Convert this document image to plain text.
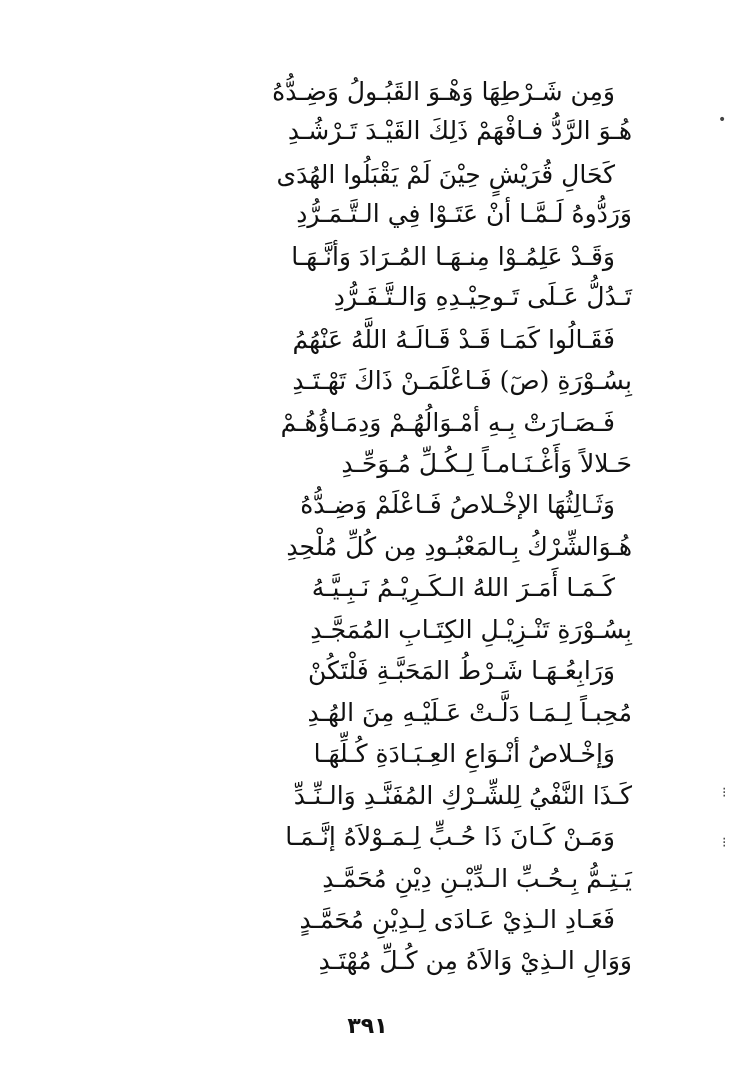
وَمِن شَـرْطِهَا وَهْـوَ القَبُـولُ وَضِـدُّهُ
هُـوَ الرَّدُّ فـافْهَمْ ذَلِكَ القَيْـدَ تَـرْشُـدِ
كَحَالِ قُرَيْشٍ حِيْنَ لَمْ يَقْبَلُوا الهُدَى
وَرَدُّوهُ لَـمَّـا أنْ عَتَـوْا فِي الـتَّـمَـرُّدِ
وَقَـدْ عَلِمُـوْا مِنـهَـا المُـرَادَ وَأنَّـهَـا
تَـدُلُّ عَـلَى تَـوحِيْـدِهِ وَالـتَّـفَـرُّدِ
فَقَـالُوا كَمَـا قَـدْ قَـالَـهُ اللَّهُ عَنْهُمُ
بِسُـوْرَةِ (صٓ) فَـاعْلَمَـنْ ذَاكَ تَهْـتَـدِ
فَـصَـارَتْ بِـهِ أمْـوَالُهُـمْ وَدِمَـاؤُهُـمْ
حَـلالاً وَأَغْـنَـامـاً لِـكُـلِّ مُـوَحِّـدِ
وَثَـالِثُهَا الإخْـلاصُ فَـاعْلَمْ وَضِـدُّهُ
هُـوَالشِّرْكُ بِـالمَعْبُـودِ مِن كُلِّ مُلْحِدِ
كَـمَـا أَمَـرَ اللهُ الـكَـرِيْـمُ نَـبِـيَّـهُ
بِسُـوْرَةِ تَنْـزِيْـلِ الكِتَـابِ المُمَجَّـدِ
وَرَابِعُـهَـا شَـرْطُ المَحَبَّـةِ فَلْتَكُنْ
مُحِبـاً لِـمَـا دَلَّـتْ عَـلَيْـهِ مِنَ الهُـدِ
وَإخْـلاصُ أنْـوَاعِ العِـبَـادَةِ كُـلِّهَـا
كَـذَا النَّفْيُ لِلشِّـرْكِ المُفَنَّـدِ وَالـنِّـدِّ
وَمَـنْ كَـانَ ذَا حُـبٍّ لِـمَـوْلاَهُ إنَّـمَـا
يَـتِـمُّ بِـحُـبِّ الـدِّيْـنِ دِيْنِ مُحَمَّـدِ
فَعَـادِ الـذِيْ عَـادَى لِـدِيْنِ مُحَمَّـدٍ
وَوَالِ الـذِيْ وَالاَهُ مِن كُـلِّ مُهْتَـدِ
٣٩١
•
⁝
⁝
